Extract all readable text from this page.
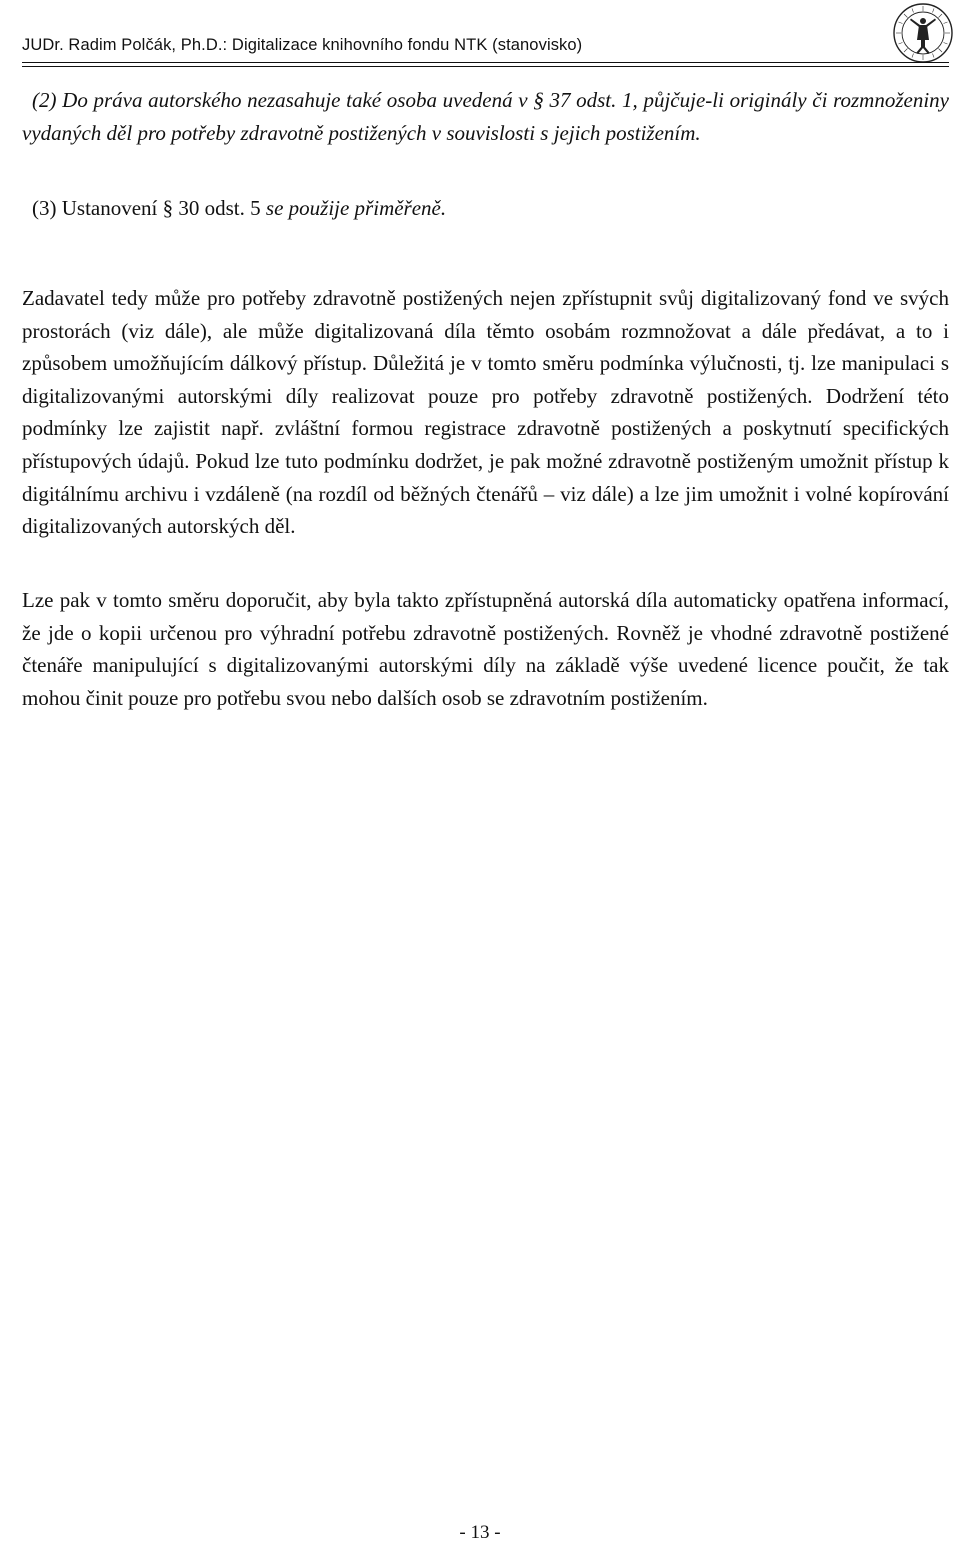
JUDr. Radim Polčák, Ph.D.: Digitalizace knihovního fondu NTK (stanovisko)

(2) Do práva autorského nezasahuje také osoba uvedená v § 37 odst. 1, půjčuje-li originály či rozmnoženiny vydaných děl pro potřeby zdravotně postižených v souvislosti s jejich postižením.

(3) Ustanovení § 30 odst. 5 se použije přiměřeně.

Zadavatel tedy může pro potřeby zdravotně postižených nejen zpřístupnit svůj digitalizovaný fond ve svých prostorách (viz dále), ale může digitalizovaná díla těmto osobám rozmnožovat a dále předávat, a to i způsobem umožňujícím dálkový přístup. Důležitá je v tomto směru podmínka výlučnosti, tj. lze manipulaci s digitalizovanými autorskými díly realizovat pouze pro potřeby zdravotně postižených. Dodržení této podmínky lze zajistit např. zvláštní formou registrace zdravotně postižených a poskytnutí specifických přístupových údajů. Pokud lze tuto podmínku dodržet, je pak možné zdravotně postiženým umožnit přístup k digitálnímu archivu i vzdáleně (na rozdíl od běžných čtenářů – viz dále) a lze jim umožnit i volné kopírování digitalizovaných autorských děl.

Lze pak v tomto směru doporučit, aby byla takto zpřístupněná autorská díla automaticky opatřena informací, že jde o kopii určenou pro výhradní potřebu zdravotně postižených. Rovněž je vhodné zdravotně postižené čtenáře manipulující s digitalizovanými autorskými díly na základě výše uvedené licence poučit, že tak mohou činit pouze pro potřebu svou nebo dalších osob se zdravotním postižením.

- 13 -
